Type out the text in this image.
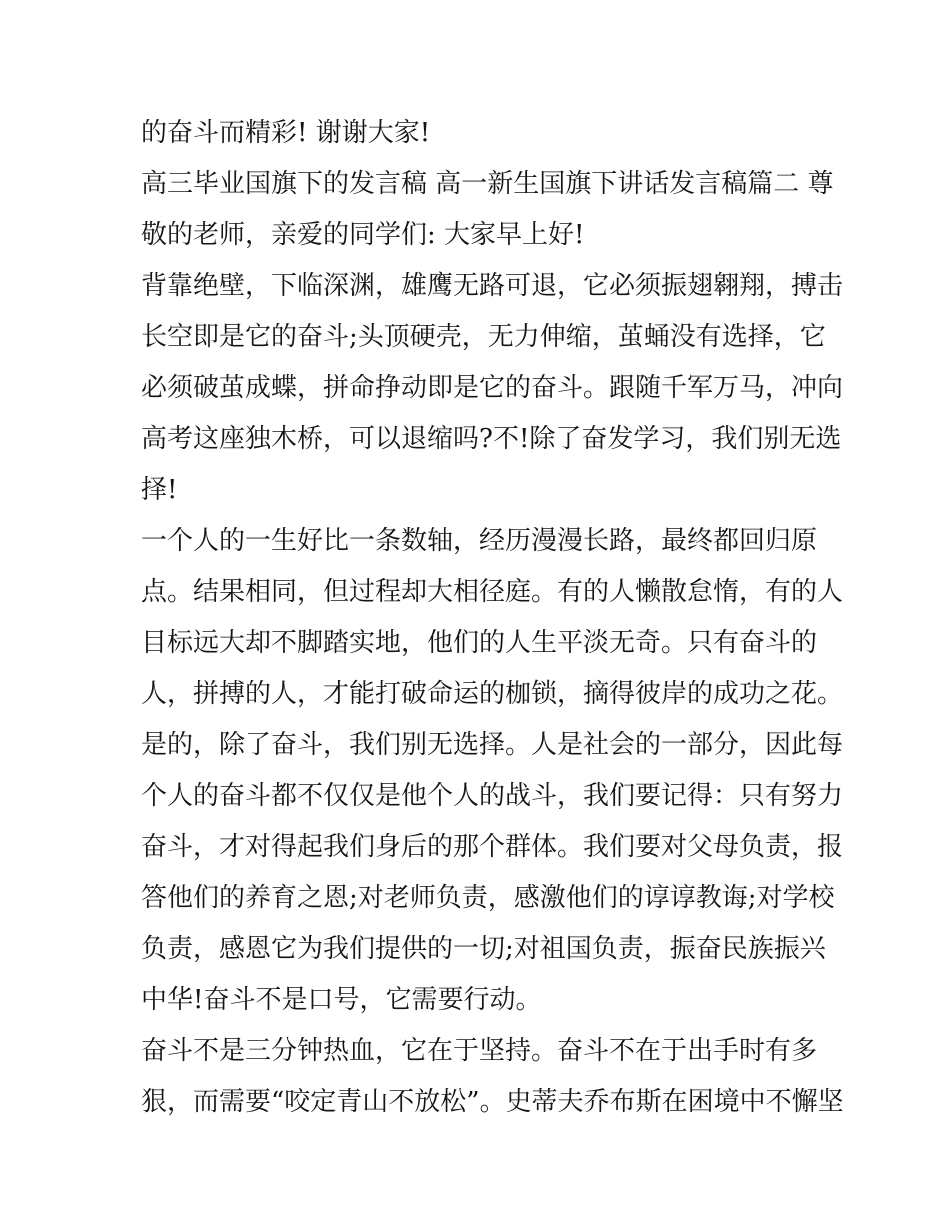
的奋斗而精彩! 谢谢大家!
高三毕业国旗下的发言稿 高一新生国旗下讲话发言稿篇二 尊
敬的老师，亲爱的同学们: 大家早上好!
背靠绝壁，下临深渊，雄鹰无路可退，它必须振翅翱翔，搏击
长空即是它的奋斗;头顶硬壳，无力伸缩，茧蛹没有选择，它
必须破茧成蝶，拼命挣动即是它的奋斗。跟随千军万马，冲向
高考这座独木桥，可以退缩吗?不!除了奋发学习，我们别无选
择!
一个人的一生好比一条数轴，经历漫漫长路，最终都回归原
点。结果相同，但过程却大相径庭。有的人懒散怠惰，有的人
目标远大却不脚踏实地，他们的人生平淡无奇。只有奋斗的
人，拼搏的人，才能打破命运的枷锁，摘得彼岸的成功之花。
是的，除了奋斗，我们别无选择。人是社会的一部分，因此每
个人的奋斗都不仅仅是他个人的战斗，我们要记得：只有努力
奋斗，才对得起我们身后的那个群体。我们要对父母负责，报
答他们的养育之恩;对老师负责，感激他们的谆谆教诲;对学校
负责，感恩它为我们提供的一切;对祖国负责，振奋民族振兴
中华!奋斗不是口号，它需要行动。
奋斗不是三分钟热血，它在于坚持。奋斗不在于出手时有多
狠，而需要“咬定青山不放松”。史蒂夫乔布斯在困境中不懈坚
